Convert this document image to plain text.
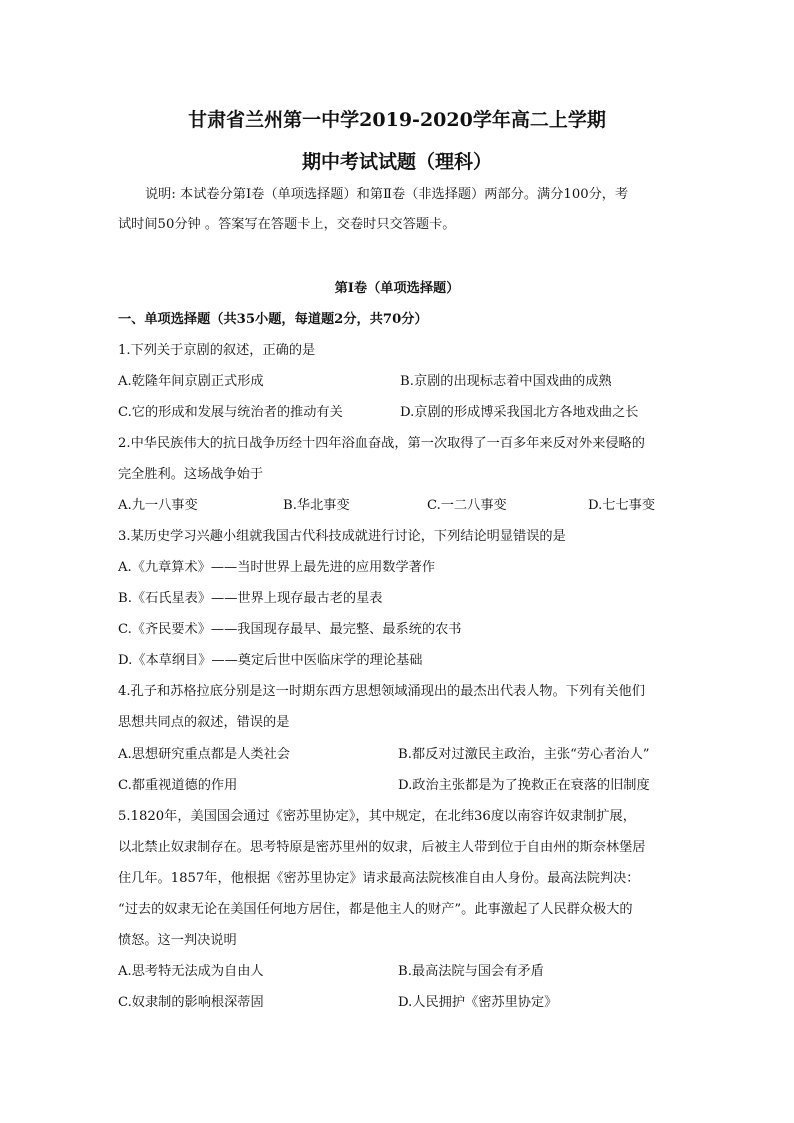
甘肃省兰州第一中学2019-2020学年高二上学期
期中考试试题（理科）
说明: 本试卷分第Ⅰ卷（单项选择题）和第Ⅱ卷（非选择题）两部分。满分100分，考
试时间50分钟 。答案写在答题卡上，交卷时只交答题卡。
第Ⅰ卷（单项选择题）
一、单项选择题（共35小题，每道题2分，共70分）
1.下列关于京剧的叙述，正确的是
A.乾隆年间京剧正式形成	B.京剧的出现标志着中国戏曲的成熟
C.它的形成和发展与统治者的推动有关	D.京剧的形成博采我国北方各地戏曲之长
2.中华民族伟大的抗日战争历经十四年浴血奋战，第一次取得了一百多年来反对外来侵略的
完全胜利。这场战争始于
A.九一八事变	B.华北事变	C.一二八事变	D.七七事变
3.某历史学习兴趣小组就我国古代科技成就进行讨论，下列结论明显错误的是
A.《九章算术》——当时世界上最先进的应用数学著作
B.《石氏星表》——世界上现存最古老的星表
C.《齐民要术》——我国现存最早、最完整、最系统的农书
D.《本草纲目》——奠定后世中医临床学的理论基础
4.孔子和苏格拉底分别是这一时期东西方思想领域涌现出的最杰出代表人物。下列有关他们
思想共同点的叙述，错误的是
A.思想研究重点都是人类社会	B.都反对过激民主政治，主张“劳心者治人”
C.都重视道德的作用	D.政治主张都是为了挽救正在衰落的旧制度
5.1820年，美国国会通过《密苏里协定》，其中规定，在北纬36度以南容许奴隶制扩展，
以北禁止奴隶制存在。思考特原是密苏里州的奴隶，后被主人带到位于自由州的斯奈林堡居
住几年。1857年，他根据《密苏里协定》请求最高法院核准自由人身份。最高法院判决：
“过去的奴隶无论在美国任何地方居住，都是他主人的财产”。此事激起了人民群众极大的
愤怒。这一判决说明
A.思考特无法成为自由人	B.最高法院与国会有矛盾
C.奴隶制的影响根深蒂固	D.人民拥护《密苏里协定》
